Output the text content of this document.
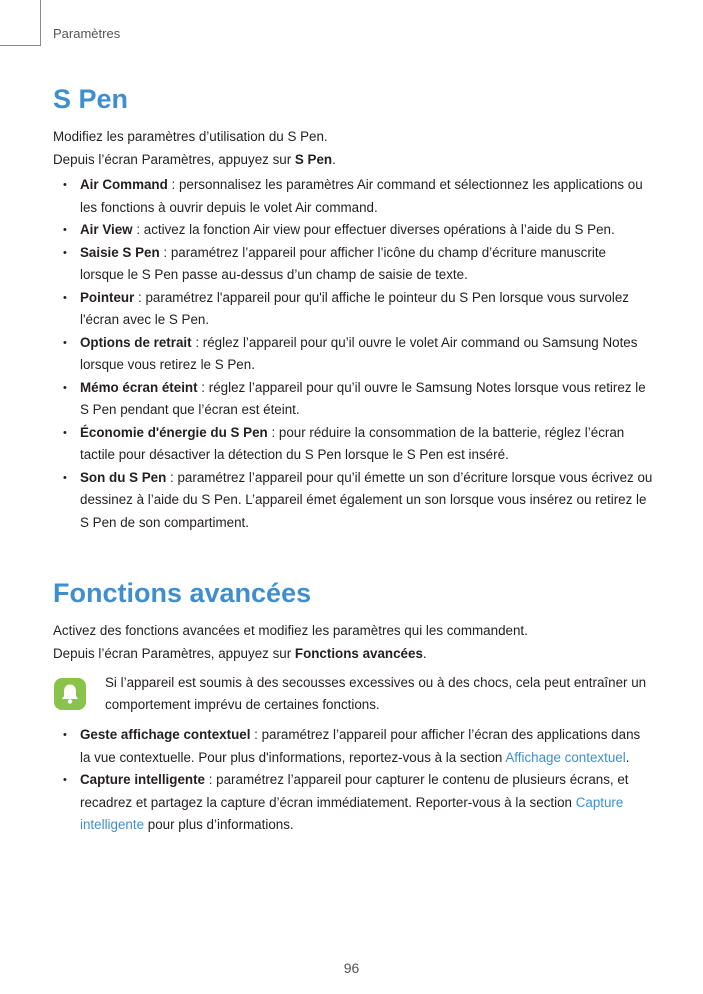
Paramètres
S Pen

Modifiez les paramètres d’utilisation du S Pen.

Depuis l’écran Paramètres, appuyez sur S Pen.

• Air Command : personnalisez les paramètres Air command et sélectionnez les applications ou les fonctions à ouvrir depuis le volet Air command.
• Air View : activez la fonction Air view pour effectuer diverses opérations à l’aide du S Pen.
• Saisie S Pen : paramétrez l’appareil pour afficher l’icône du champ d’écriture manuscrite lorsque le S Pen passe au-dessus d’un champ de saisie de texte.
• Pointeur : paramétrez l'appareil pour qu'il affiche le pointeur du S Pen lorsque vous survolez l'écran avec le S Pen.
• Options de retrait : réglez l’appareil pour qu’il ouvre le volet Air command ou Samsung Notes lorsque vous retirez le S Pen.
• Mémo écran éteint : réglez l’appareil pour qu’il ouvre le Samsung Notes lorsque vous retirez le S Pen pendant que l’écran est éteint.
• Économie d'énergie du S Pen : pour réduire la consommation de la batterie, réglez l’écran tactile pour désactiver la détection du S Pen lorsque le S Pen est inséré.
• Son du S Pen : paramétrez l’appareil pour qu’il émette un son d’écriture lorsque vous écrivez ou dessinez à l’aide du S Pen. L’appareil émet également un son lorsque vous insérez ou retirez le S Pen de son compartiment.
Fonctions avancées

Activez des fonctions avancées et modifiez les paramètres qui les commandent.

Depuis l’écran Paramètres, appuyez sur Fonctions avancées.

Si l’appareil est soumis à des secousses excessives ou à des chocs, cela peut entraîner un comportement imprévu de certaines fonctions.
• Geste affichage contextuel : paramétrez l’appareil pour afficher l’écran des applications dans la vue contextuelle. Pour plus d'informations, reportez-vous à la section Affichage contextuel.
• Capture intelligente : paramétrez l’appareil pour capturer le contenu de plusieurs écrans, et recadrez et partagez la capture d’écran immédiatement. Reporter-vous à la section Capture intelligente pour plus d’informations.
96
